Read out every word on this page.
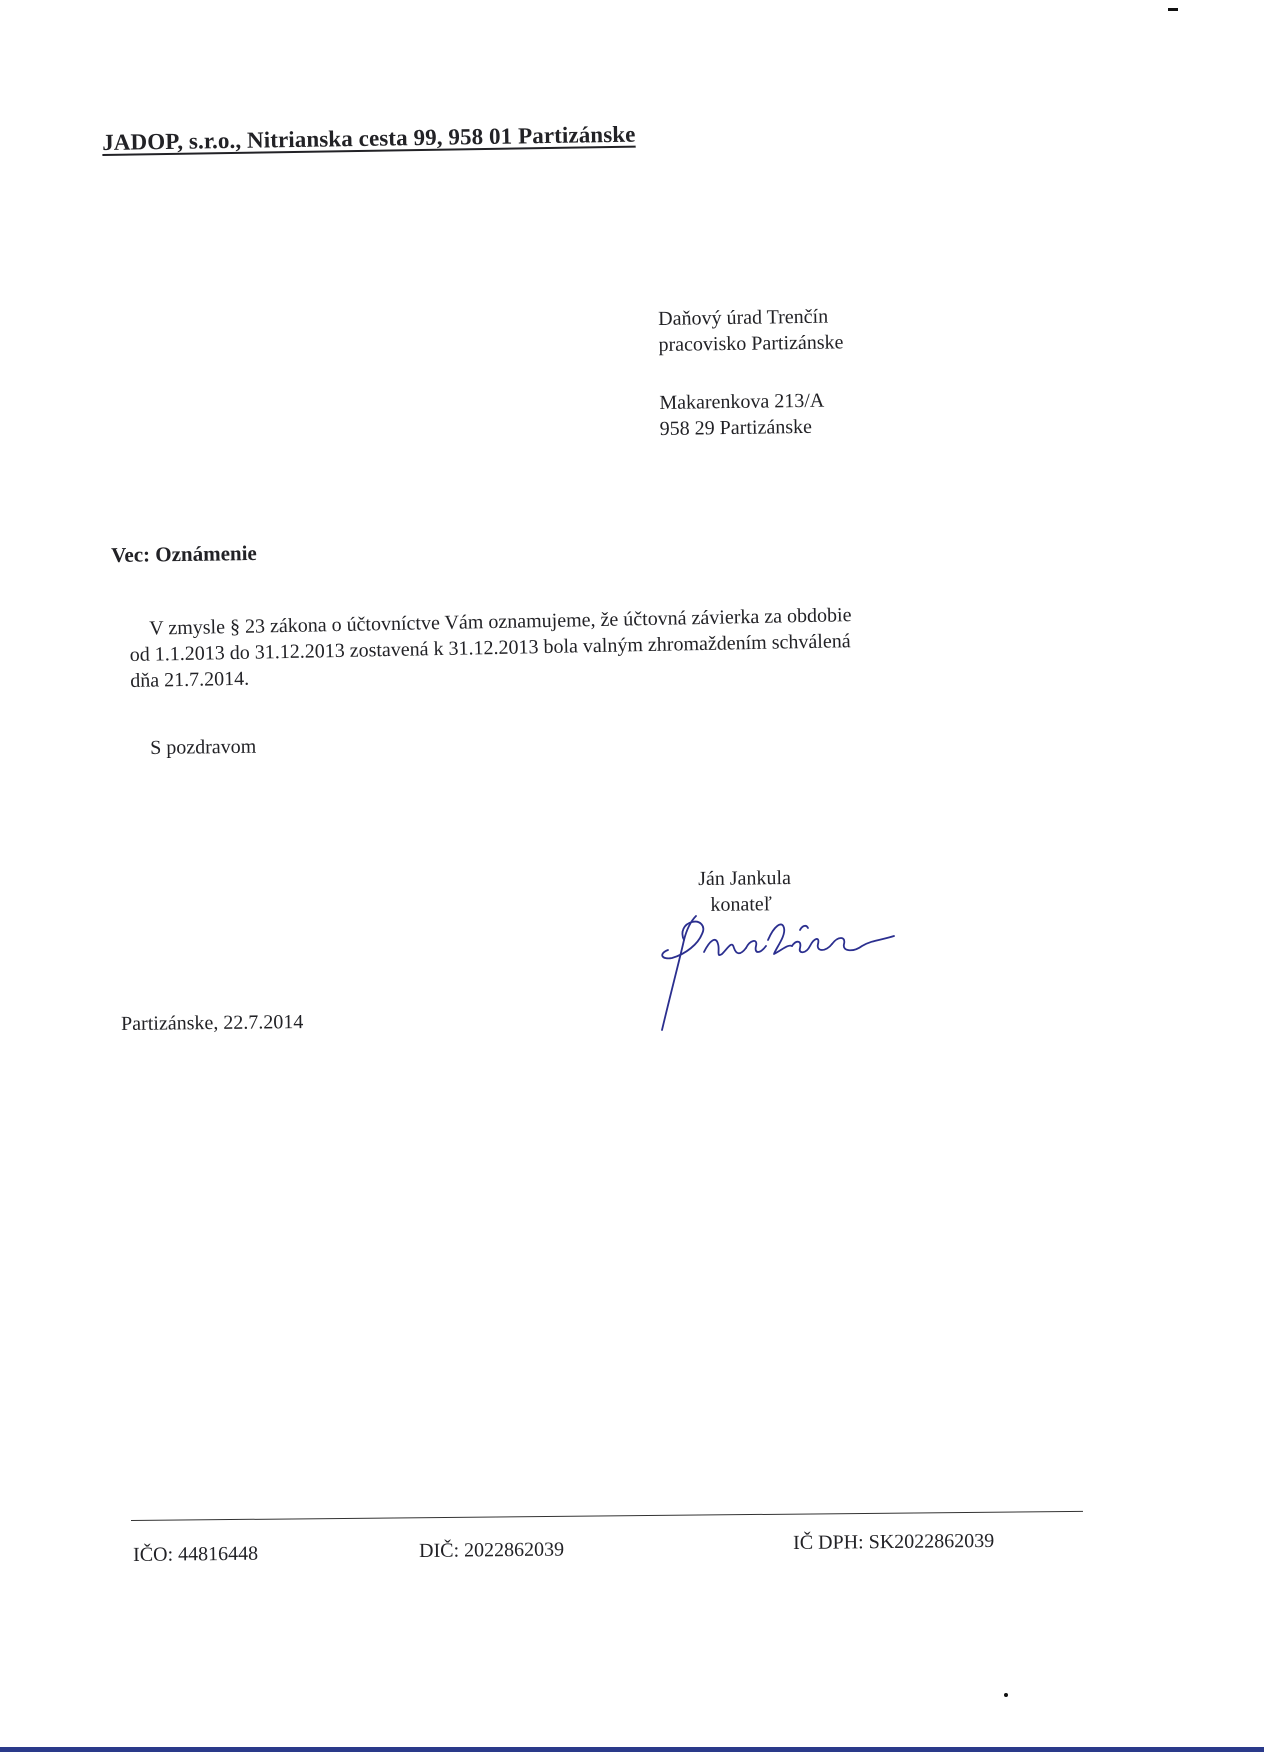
JADOP, s.r.o., Nitrianska cesta 99, 958 01 Partizánske
Daňový úrad Trenčín
pracovisko Partizánske
Makarenkova 213/A
958 29 Partizánske
Vec: Oznámenie
V zmysle § 23 zákona o účtovníctve Vám oznamujeme, že účtovná závierka za obdobie
od 1.1.2013 do 31.12.2013 zostavená k 31.12.2013 bola valným zhromaždením schválená
dňa 21.7.2014.
S pozdravom
Ján Jankula
konateľ
Partizánske, 22.7.2014
IČO: 44816448	DIČ: 2022862039	IČ DPH: SK2022862039
